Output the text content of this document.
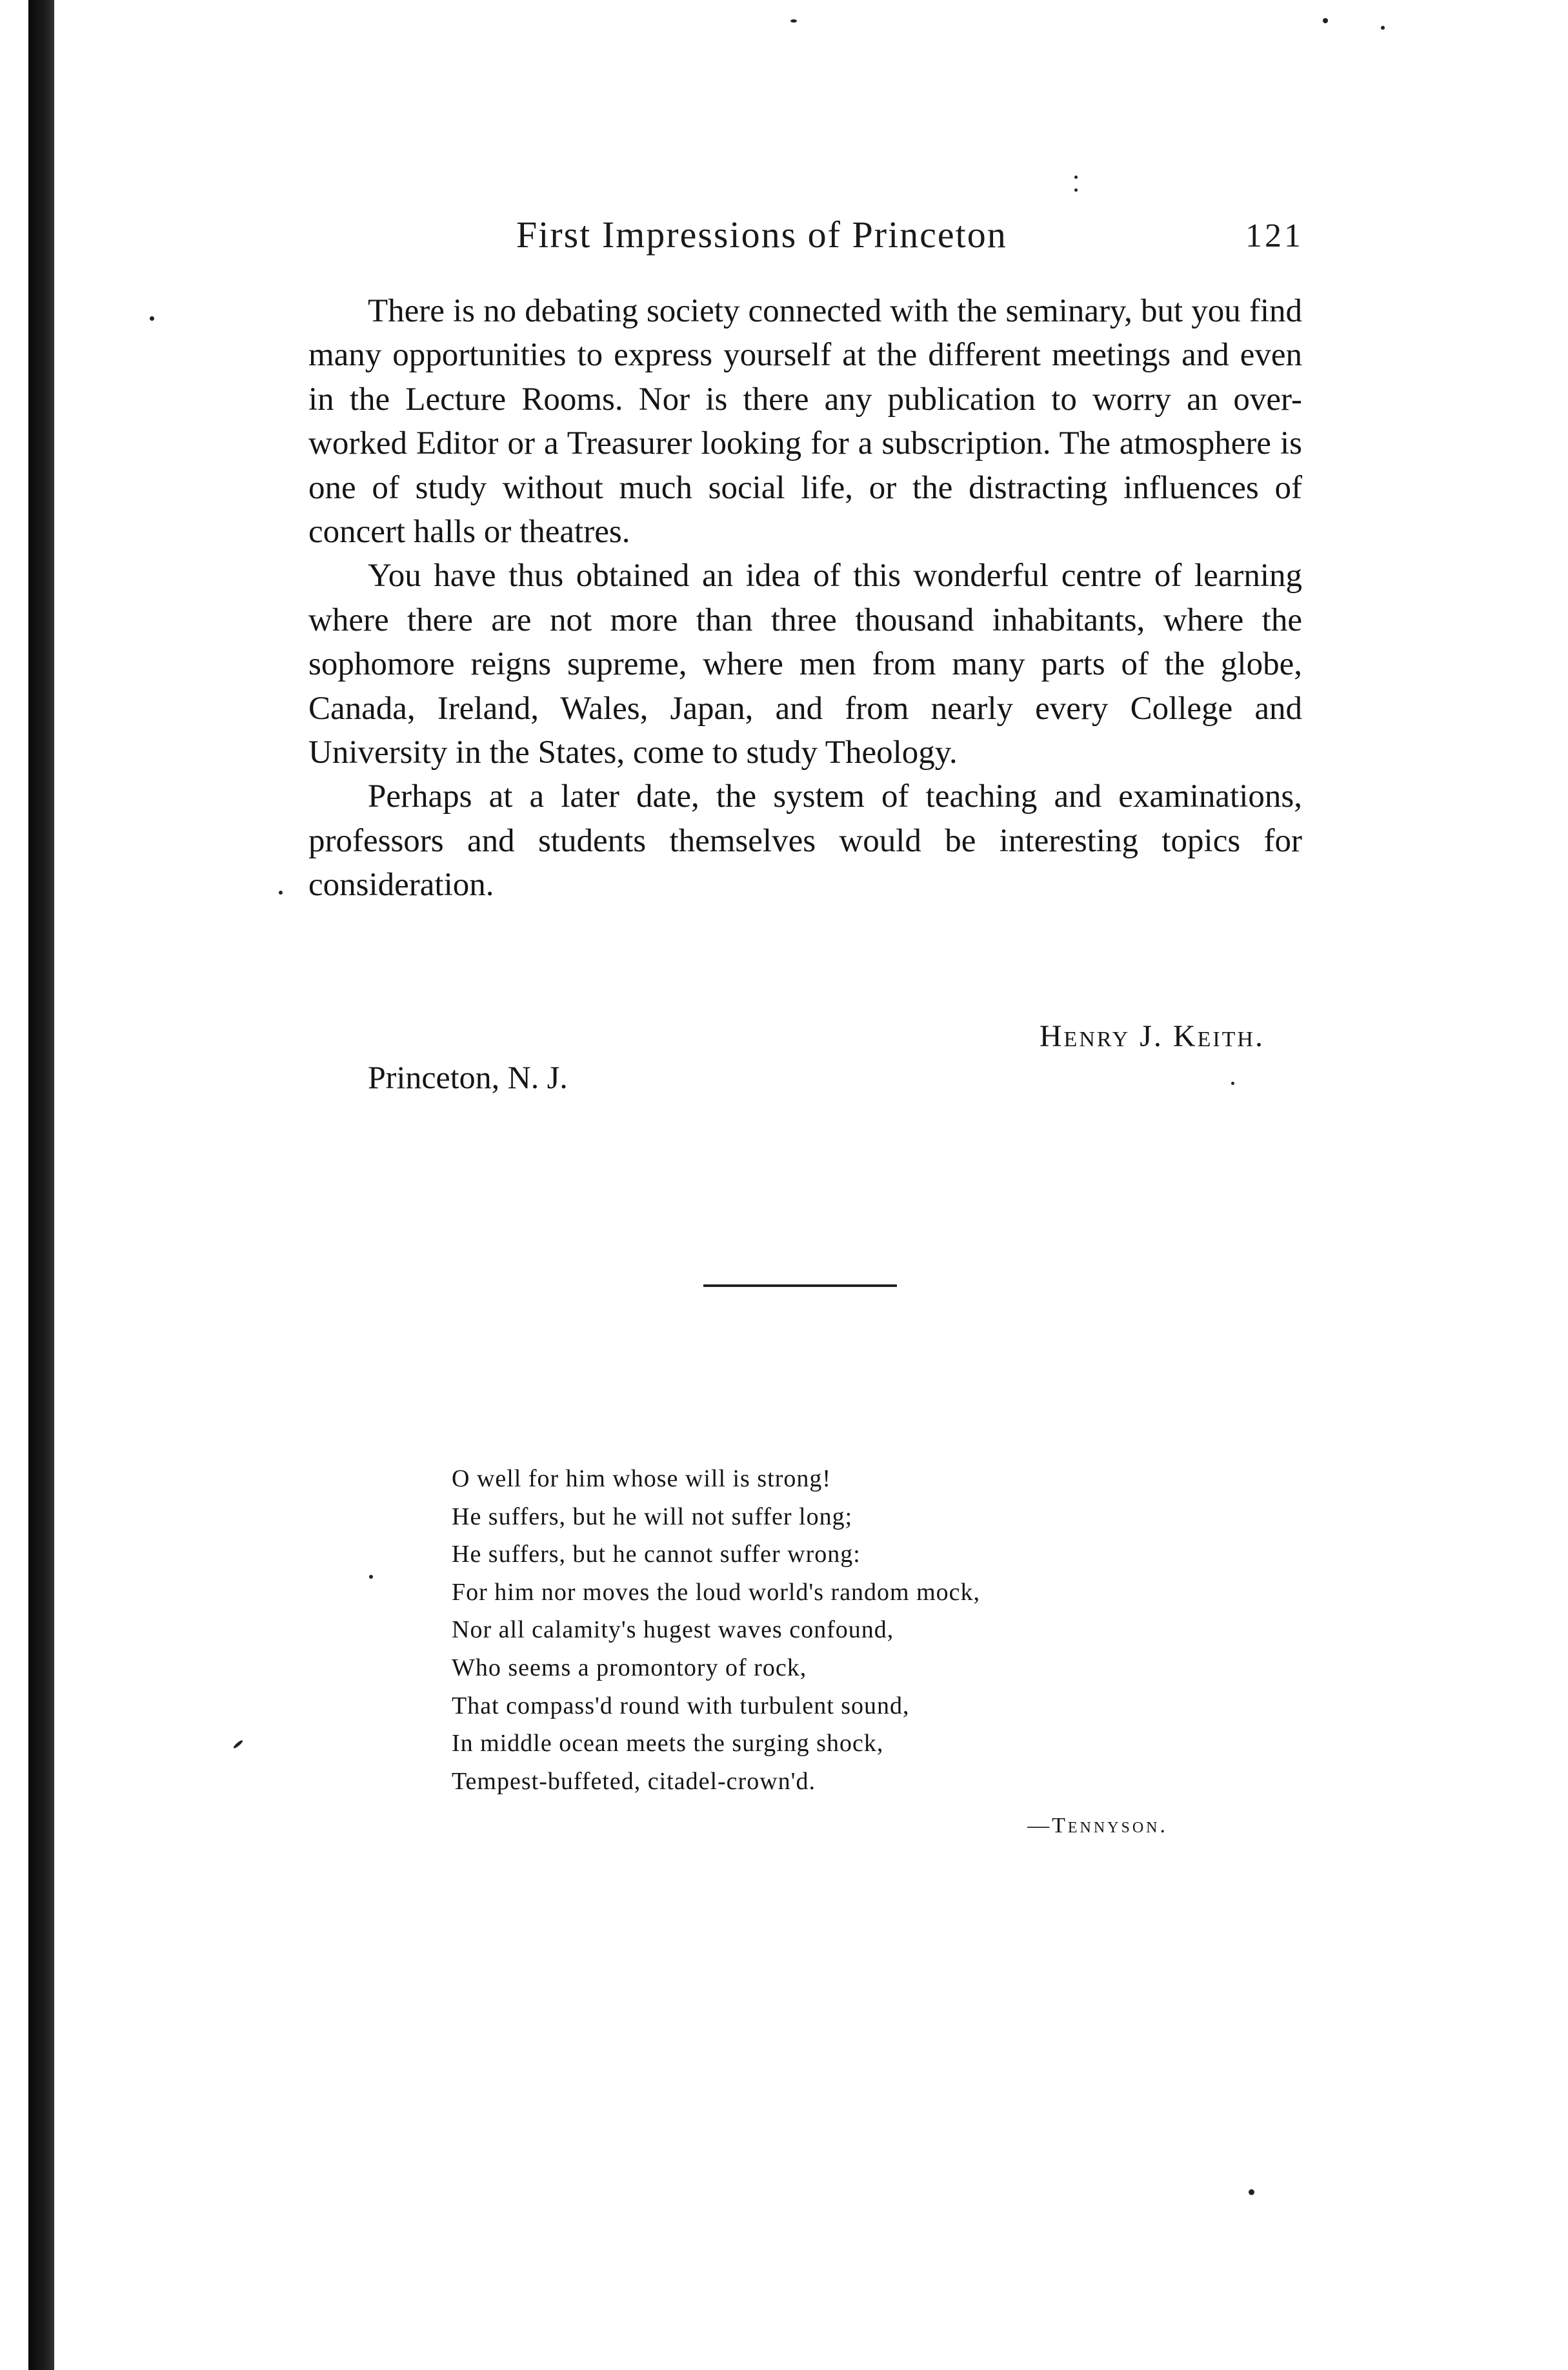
First Impressions of Princeton	121

There is no debating society connected with the seminary, but you find many opportunities to express yourself at the different meetings and even in the Lecture Rooms. Nor is there any publication to worry an over-worked Editor or a Treasurer looking for a subscription. The atmosphere is one of study without much social life, or the distracting influences of concert halls or theatres.

You have thus obtained an idea of this wonderful centre of learning where there are not more than three thousand inhabitants, where the sophomore reigns supreme, where men from many parts of the globe, Canada, Ireland, Wales, Japan, and from nearly every College and University in the States, come to study Theology.

Perhaps at a later date, the system of teaching and examinations, professors and students themselves would be interesting topics for consideration.

Henry J. Keith.
Princeton, N. J.
O well for him whose will is strong!
He suffers, but he will not suffer long;
He suffers, but he cannot suffer wrong:
For him nor moves the loud world's random mock,
Nor all calamity's hugest waves confound,
Who seems a promontory of rock,
That compass'd round with turbulent sound,
In middle ocean meets the surging shock,
Tempest-buffeted, citadel-crown'd.
—Tennyson.
